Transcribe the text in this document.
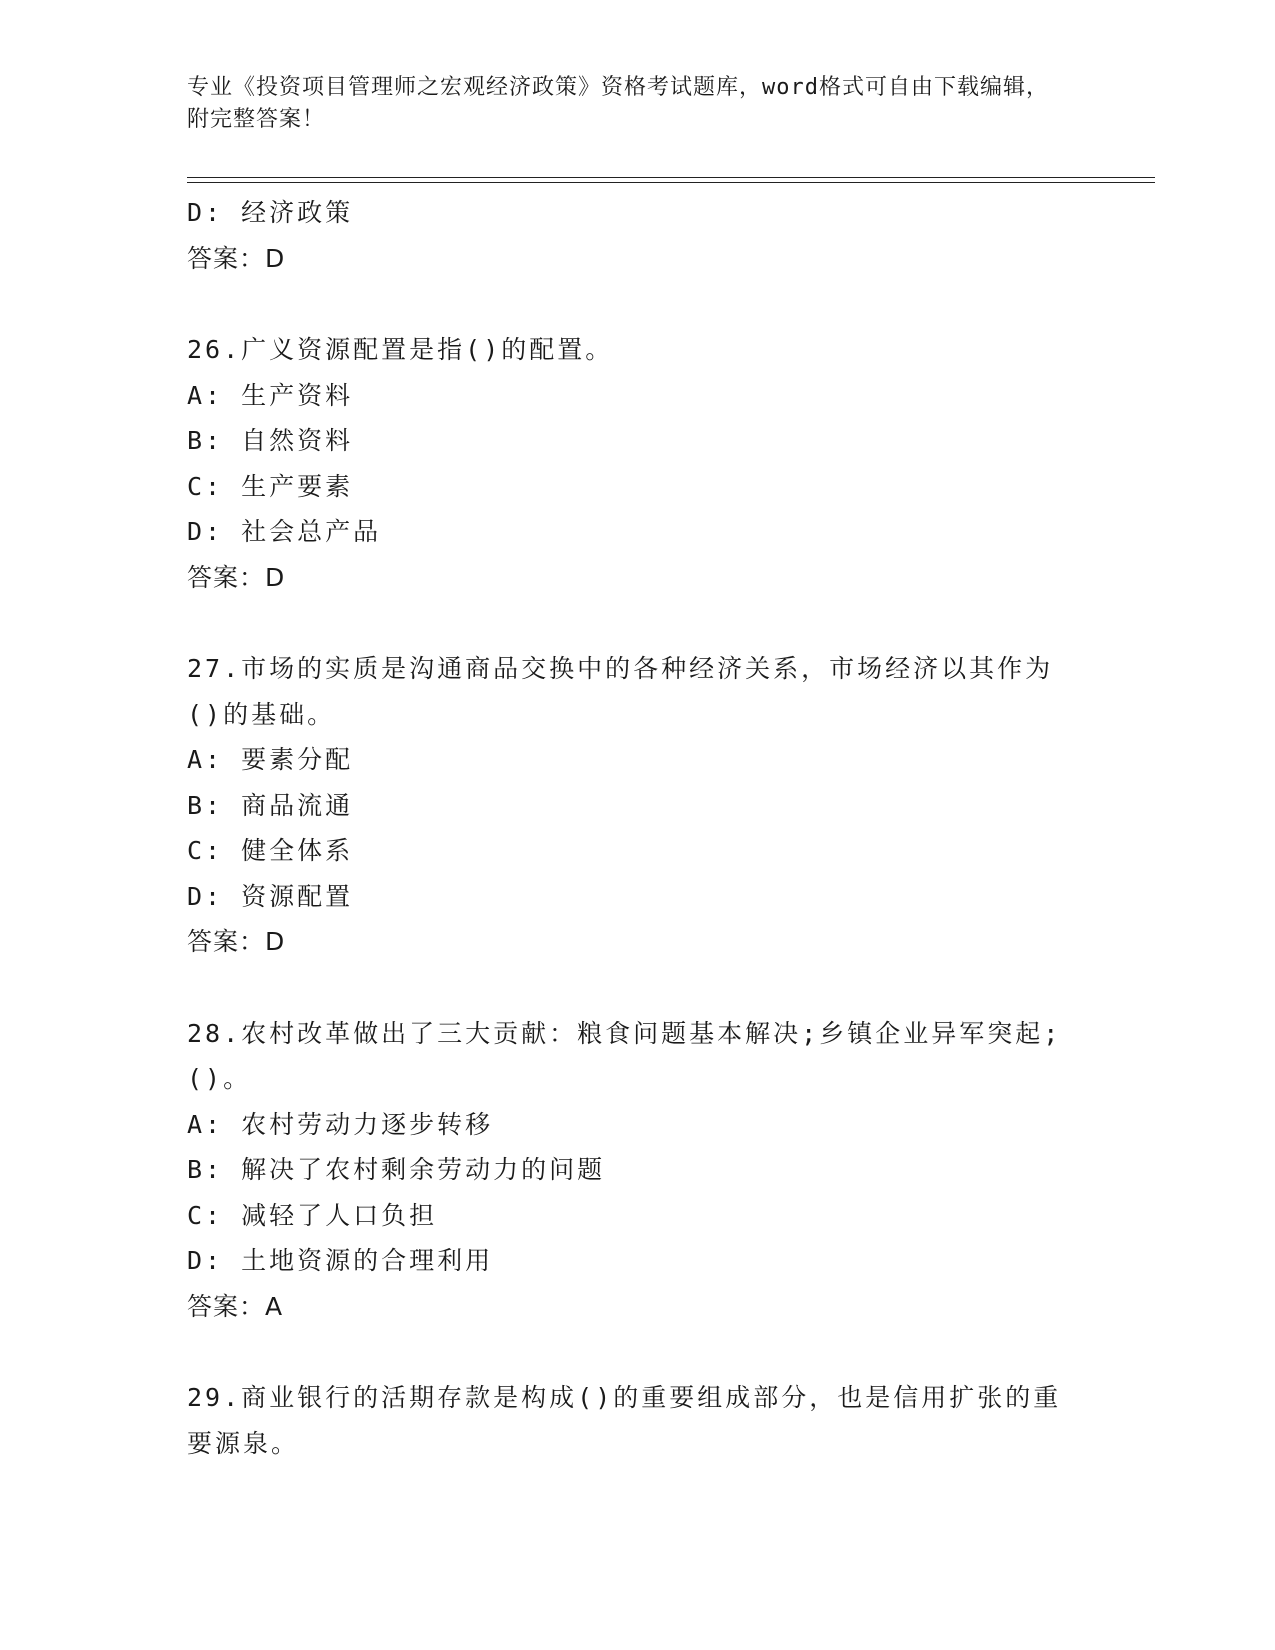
专业《投资项目管理师之宏观经济政策》资格考试题库，word格式可自由下载编辑，附完整答案！
D: 经济政策
答案：D
26.广义资源配置是指()的配置。
A: 生产资料
B: 自然资料
C: 生产要素
D: 社会总产品
答案：D
27.市场的实质是沟通商品交换中的各种经济关系，市场经济以其作为()的基础。
A: 要素分配
B: 商品流通
C: 健全体系
D: 资源配置
答案：D
28.农村改革做出了三大贡献：粮食问题基本解决;乡镇企业异军突起;()。
A: 农村劳动力逐步转移
B: 解决了农村剩余劳动力的问题
C: 减轻了人口负担
D: 土地资源的合理利用
答案：A
29.商业银行的活期存款是构成()的重要组成部分，也是信用扩张的重要源泉。
